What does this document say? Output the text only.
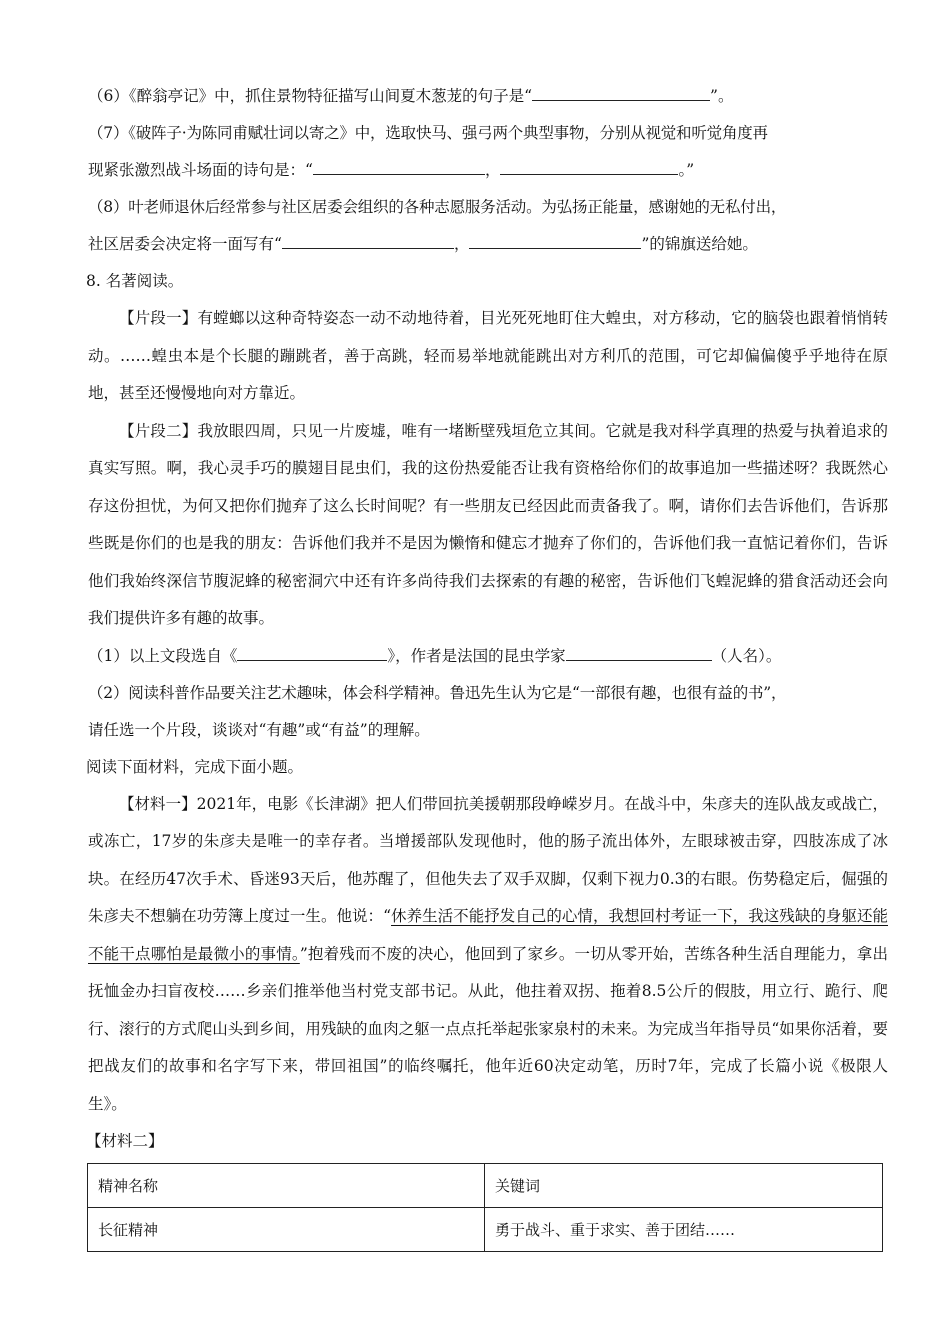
（6）《醉翁亭记》中，抓住景物特征描写山间夏木葱茏的句子是“	”。
（7）《破阵子·为陈同甫赋壮词以寄之》中，选取快马、强弓两个典型事物，分别从视觉和听觉角度再
现紧张激烈战斗场面的诗句是：“	，	。”
（8）叶老师退休后经常参与社区居委会组织的各种志愿服务活动。为弘扬正能量，感谢她的无私付出，
社区居委会决定将一面写有“	，	”的锦旗送给她。
8. 名著阅读。
【片段一】有螳螂以这种奇特姿态一动不动地待着，目光死死地盯住大蝗虫，对方移动，它的脑袋也跟着悄悄转动。……蝗虫本是个长腿的蹦跳者，善于高跳，轻而易举地就能跳出对方利爪的范围，可它却偏偏傻乎乎地待在原地，甚至还慢慢地向对方靠近。
【片段二】我放眼四周，只见一片废墟，唯有一堵断壁残垣危立其间。它就是我对科学真理的热爱与执着追求的真实写照。啊，我心灵手巧的膜翅目昆虫们，我的这份热爱能否让我有资格给你们的故事追加一些描述呀？我既然心存这份担忧，为何又把你们抛弃了这么长时间呢？有一些朋友已经因此而责备我了。啊，请你们去告诉他们，告诉那些既是你们的也是我的朋友：告诉他们我并不是因为懒惰和健忘才抛弃了你们的，告诉他们我一直惦记着你们，告诉他们我始终深信节腹泥蜂的秘密洞穴中还有许多尚待我们去探索的有趣的秘密，告诉他们飞蝗泥蜂的猎食活动还会向我们提供许多有趣的故事。
（1）以上文段选自《	》，作者是法国的昆虫学家	（人名）。
（2）阅读科普作品要关注艺术趣味，体会科学精神。鲁迅先生认为它是“一部很有趣，也很有益的书”，
请任选一个片段，谈谈对“有趣”或“有益”的理解。
阅读下面材料，完成下面小题。
【材料一】2021年，电影《长津湖》把人们带回抗美援朝那段峥嵘岁月。在战斗中，朱彦夫的连队战友或战亡，或冻亡，17岁的朱彦夫是唯一的幸存者。当增援部队发现他时，他的肠子流出体外，左眼球被击穿，四肢冻成了冰块。在经历47次手术、昏迷93天后，他苏醒了，但他失去了双手双脚，仅剩下视力0.3的右眼。伤势稳定后，倔强的朱彦夫不想躺在功劳簿上度过一生。他说：“休养生活不能抒发自己的心情，我想回村考证一下，我这残缺的身躯还能不能干点哪怕是最微小的事情。”抱着残而不废的决心，他回到了家乡。一切从零开始，苦练各种生活自理能力，拿出抚恤金办扫盲夜校……乡亲们推举他当村党支部书记。从此，他拄着双拐、拖着8.5公斤的假肢，用立行、跪行、爬行、滚行的方式爬山头到乡间，用残缺的血肉之躯一点点托举起张家泉村的未来。为完成当年指导员“如果你活着，要把战友们的故事和名字写下来，带回祖国”的临终嘱托，他年近60决定动笔，历时7年，完成了长篇小说《极限人生》。
【材料二】
精神名称	关键词
长征精神	勇于战斗、重于求实、善于团结……
